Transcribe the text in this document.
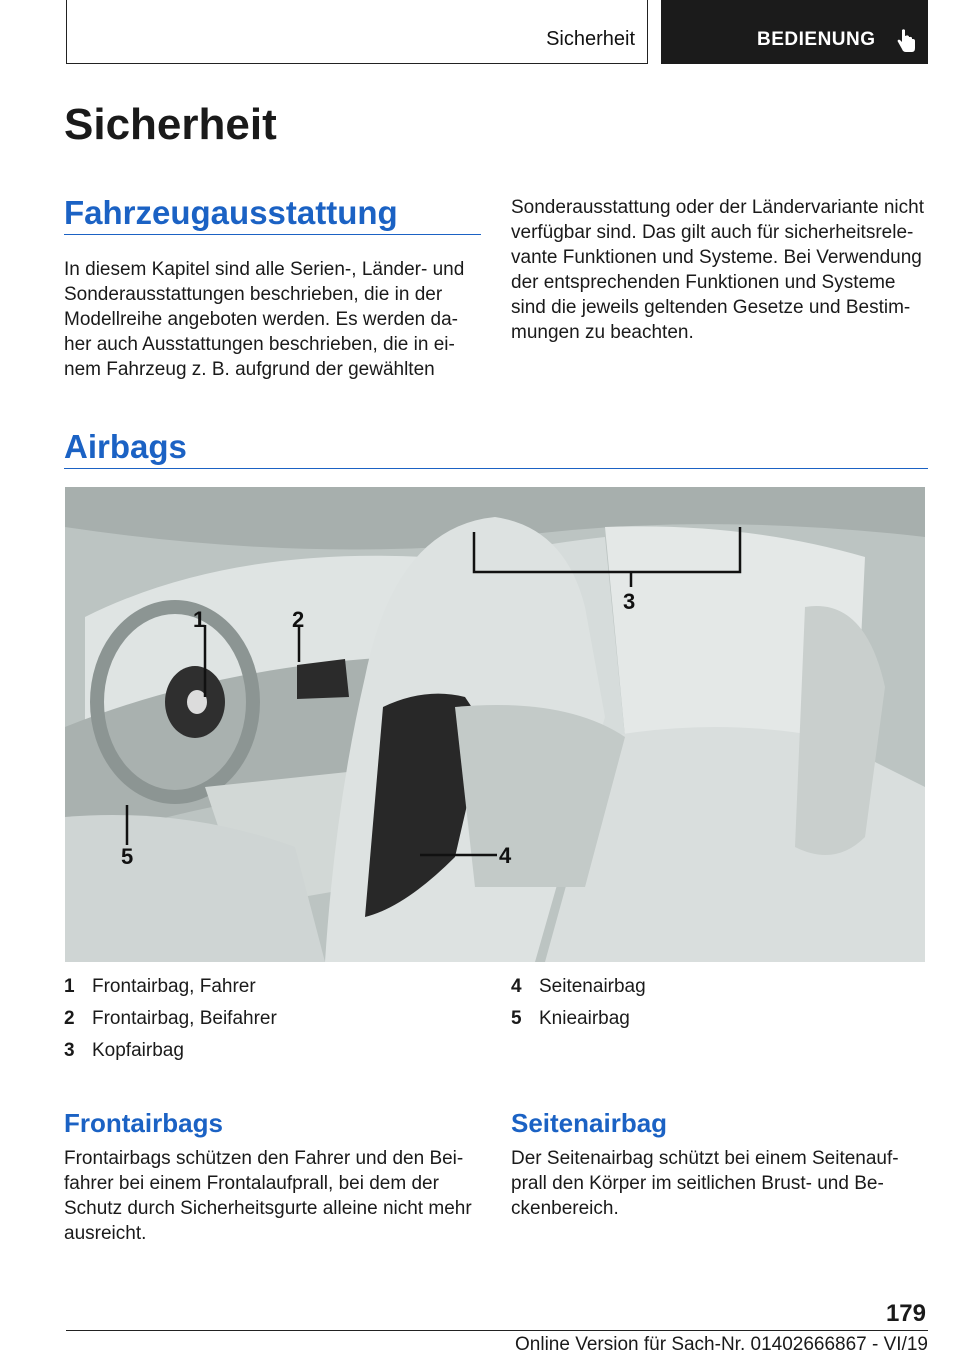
Sicherheit	BEDIENUNG
Sicherheit
Fahrzeugausstattung

In diesem Kapitel sind alle Serien-, Länder- und Sonderausstattungen beschrieben, die in der Modellreihe angeboten werden. Es werden da-her auch Ausstattungen beschrieben, die in ei-nem Fahrzeug z. B. aufgrund der gewählten

Sonderausstattung oder der Ländervariante nicht verfügbar sind. Das gilt auch für sicherheitsrele-vante Funktionen und Systeme. Bei Verwendung der entsprechenden Funktionen und Systeme sind die jeweils geltenden Gesetze und Bestim-mungen zu beachten.

Airbags
1	2
3
4
5
1 Frontairbag, Fahrer
2 Frontairbag, Beifahrer
3 Kopfairbag
4 Seitenairbag
5 Knieairbag
Frontairbags

Frontairbags schützen den Fahrer und den Bei-fahrer bei einem Frontalaufprall, bei dem der Schutz durch Sicherheitsgurte alleine nicht mehr ausreicht.

Seitenairbag

Der Seitenairbag schützt bei einem Seitenauf-prall den Körper im seitlichen Brust- und Be-ckenbereich.

179
Online Version für Sach-Nr. 01402666867 - VI/19
